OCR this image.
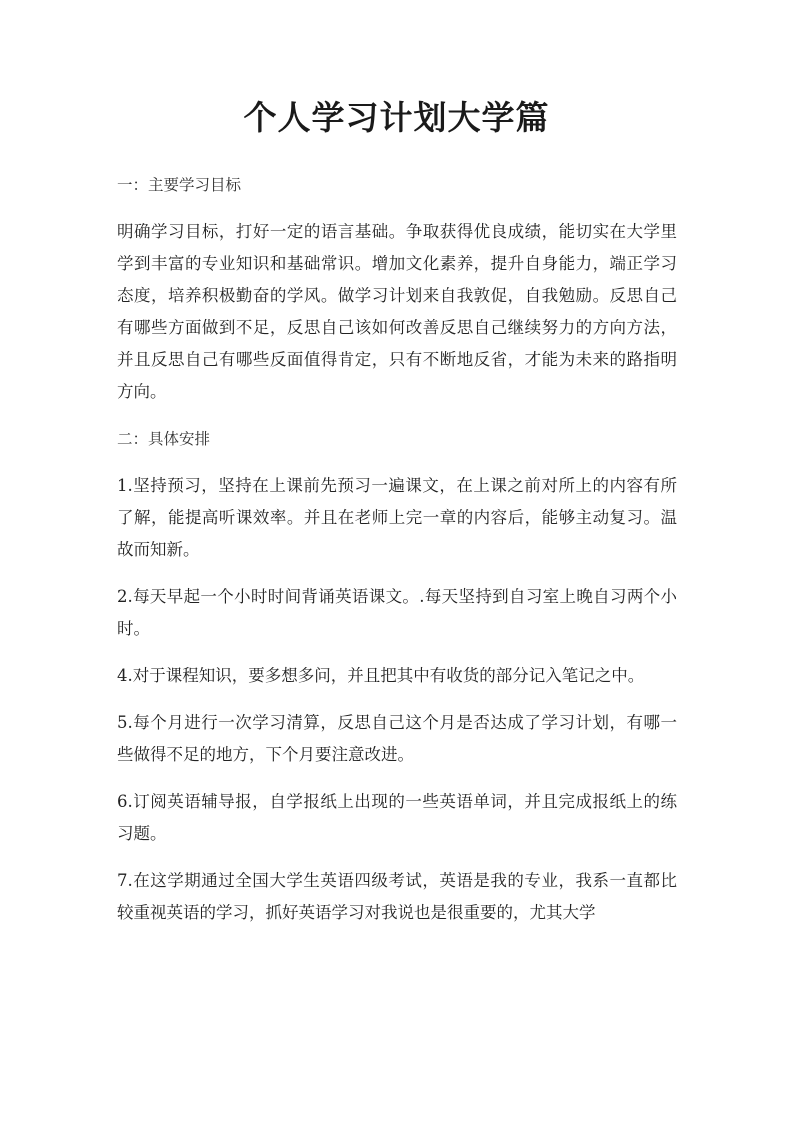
个人学习计划大学篇
一：主要学习目标
明确学习目标，打好一定的语言基础。争取获得优良成绩，能切实在大学里学到丰富的专业知识和基础常识。增加文化素养，提升自身能力，端正学习态度，培养积极勤奋的学风。做学习计划来自我敦促，自我勉励。反思自己有哪些方面做到不足，反思自己该如何改善反思自己继续努力的方向方法，并且反思自己有哪些反面值得肯定，只有不断地反省，才能为未来的路指明方向。
二：具体安排
1.坚持预习，坚持在上课前先预习一遍课文，在上课之前对所上的内容有所了解，能提高听课效率。并且在老师上完一章的内容后，能够主动复习。温故而知新。
2.每天早起一个小时时间背诵英语课文。.每天坚持到自习室上晚自习两个小时。
4.对于课程知识，要多想多问，并且把其中有收货的部分记入笔记之中。
5.每个月进行一次学习清算，反思自己这个月是否达成了学习计划，有哪一些做得不足的地方，下个月要注意改进。
6.订阅英语辅导报，自学报纸上出现的一些英语单词，并且完成报纸上的练习题。
7.在这学期通过全国大学生英语四级考试，英语是我的专业，我系一直都比较重视英语的学习，抓好英语学习对我说也是很重要的，尤其大学
